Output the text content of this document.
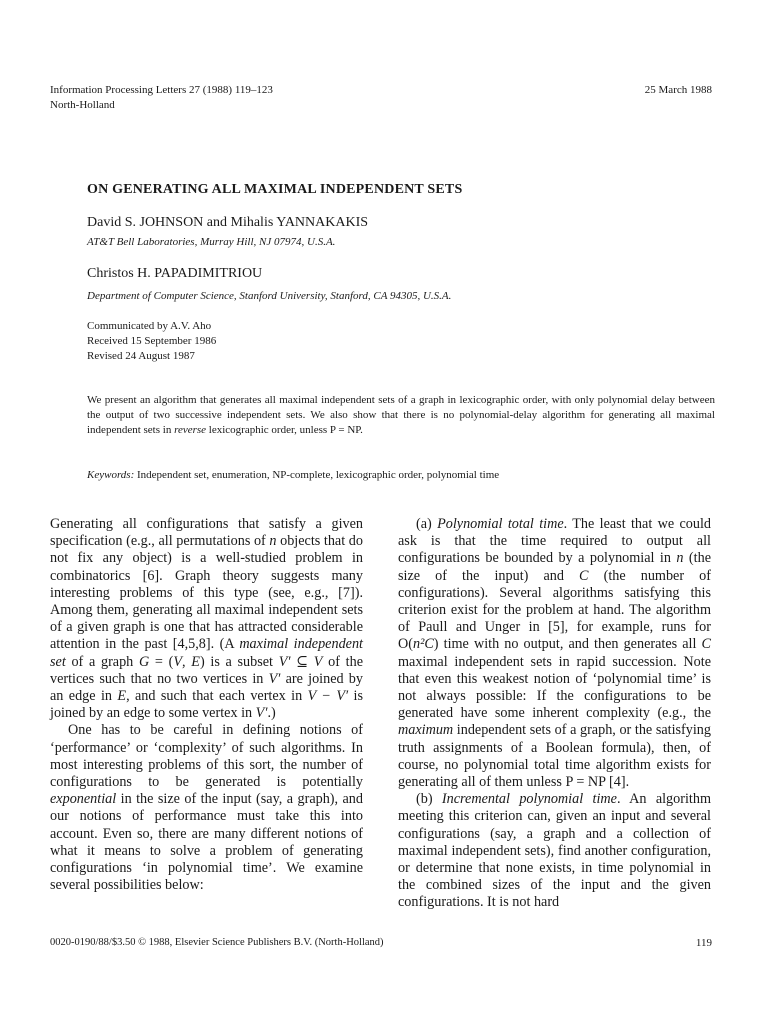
Information Processing Letters 27 (1988) 119–123
North-Holland
25 March 1988
ON GENERATING ALL MAXIMAL INDEPENDENT SETS
David S. JOHNSON and Mihalis YANNAKAKIS
AT&T Bell Laboratories, Murray Hill, NJ 07974, U.S.A.
Christos H. PAPADIMITRIOU
Department of Computer Science, Stanford University, Stanford, CA 94305, U.S.A.
Communicated by A.V. Aho
Received 15 September 1986
Revised 24 August 1987
We present an algorithm that generates all maximal independent sets of a graph in lexicographic order, with only polynomial delay between the output of two successive independent sets. We also show that there is no polynomial-delay algorithm for generating all maximal independent sets in reverse lexicographic order, unless P = NP.
Keywords: Independent set, enumeration, NP-complete, lexicographic order, polynomial time

Generating all configurations that satisfy a given specification (e.g., all permutations of n objects that do not fix any object) is a well-studied problem in combinatorics [6]. Graph theory suggests many interesting problems of this type (see, e.g., [7]). Among them, generating all maximal independent sets of a given graph is one that has attracted considerable attention in the past [4,5,8]. (A maximal independent set of a graph G = (V, E) is a subset V′ ⊆ V of the vertices such that no two vertices in V′ are joined by an edge in E, and such that each vertex in V − V′ is joined by an edge to some vertex in V′.)

One has to be careful in defining notions of ‘performance’ or ‘complexity’ of such algorithms. In most interesting problems of this sort, the number of configurations to be generated is potentially exponential in the size of the input (say, a graph), and our notions of performance must take this into account. Even so, there are many different notions of what it means to solve a problem of generating configurations ‘in polynomial time’. We examine several possibilities below:

(a) Polynomial total time. The least that we could ask is that the time required to output all configurations be bounded by a polynomial in n (the size of the input) and C (the number of configurations). Several algorithms satisfying this criterion exist for the problem at hand. The algorithm of Paull and Unger in [5], for example, runs for O(n²C) time with no output, and then generates all C maximal independent sets in rapid succession. Note that even this weakest notion of ‘polynomial time’ is not always possible: If the configurations to be generated have some inherent complexity (e.g., the maximum independent sets of a graph, or the satisfying truth assignments of a Boolean formula), then, of course, no polynomial total time algorithm exists for generating all of them unless P = NP [4].

(b) Incremental polynomial time. An algorithm meeting this criterion can, given an input and several configurations (say, a graph and a collection of maximal independent sets), find another configuration, or determine that none exists, in time polynomial in the combined sizes of the input and the given configurations. It is not hard

0020-0190/88/$3.50 © 1988, Elsevier Science Publishers B.V. (North-Holland)	119
